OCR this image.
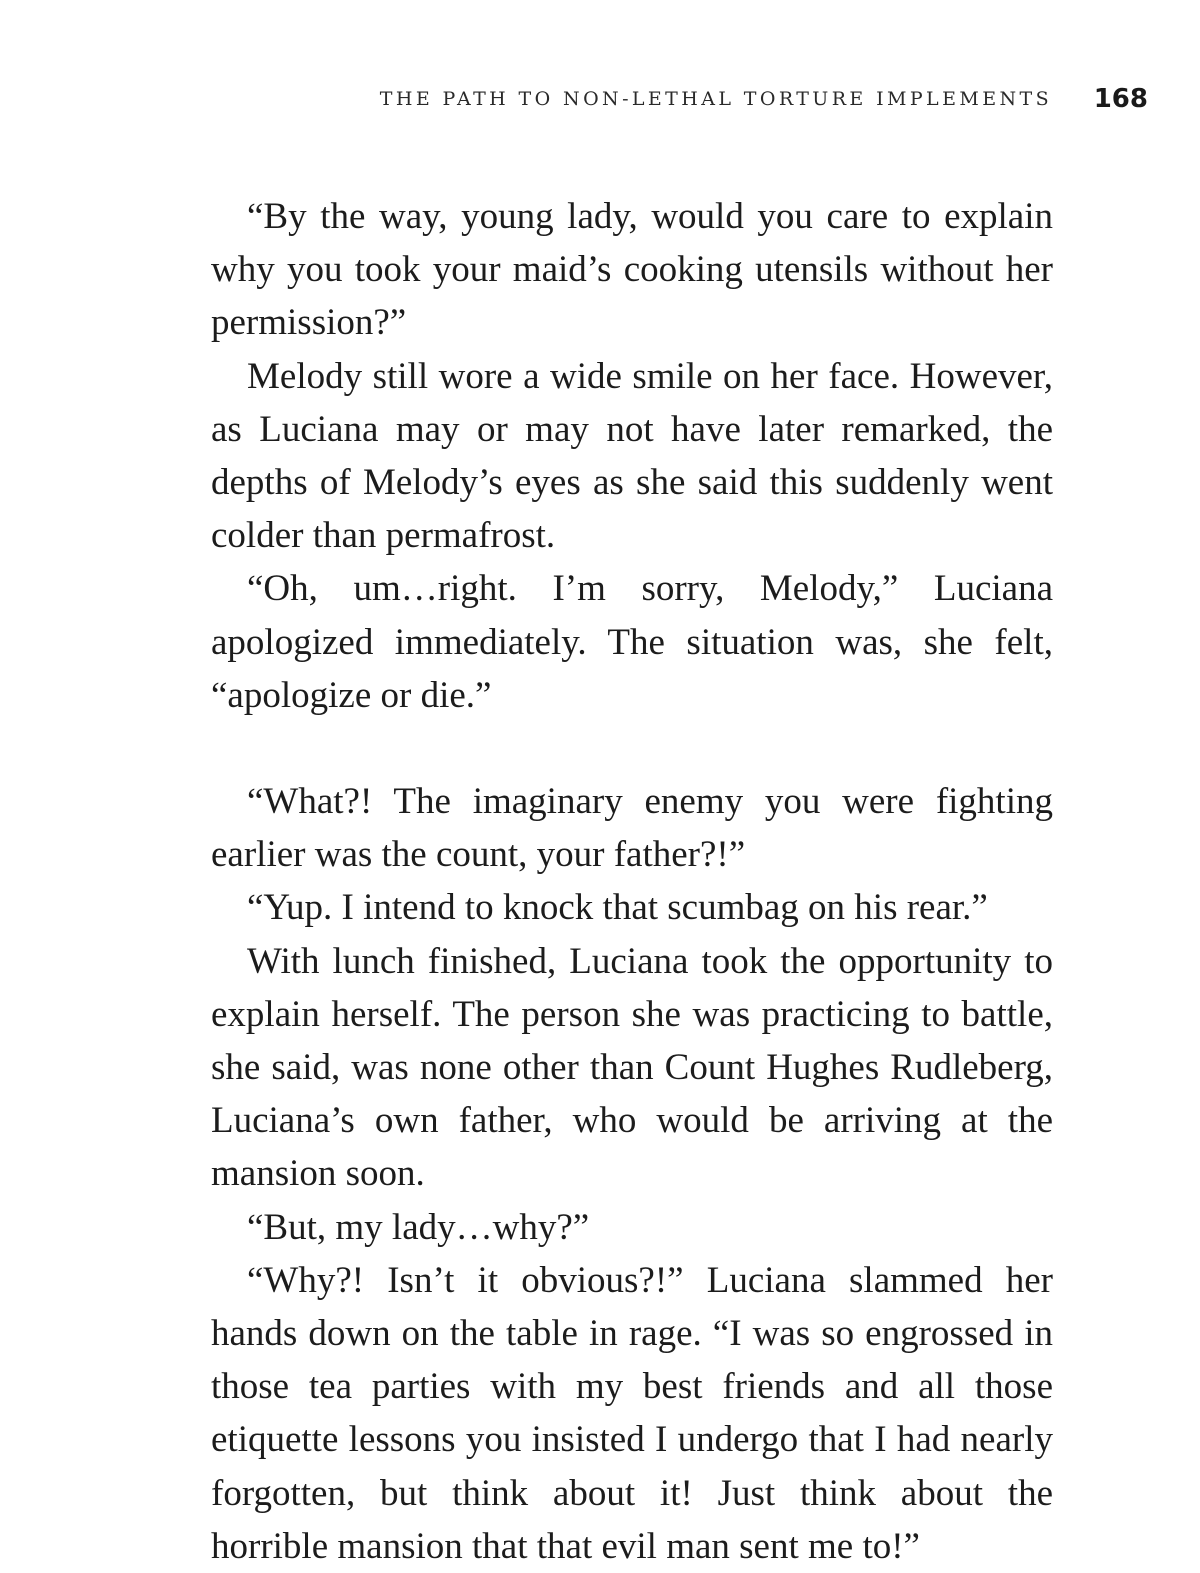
THE PATH TO NON-LETHAL TORTURE IMPLEMENTS 168

“By the way, young lady, would you care to explain why you took your maid’s cooking utensils without her permission?”

Melody still wore a wide smile on her face. However, as Luciana may or may not have later remarked, the depths of Melody’s eyes as she said this suddenly went colder than permafrost.

“Oh, um…right. I’m sorry, Melody,” Luciana apologized immediately. The situation was, she felt, “apologize or die.”

“What?! The imaginary enemy you were fighting earlier was the count, your father?!”

“Yup. I intend to knock that scumbag on his rear.”

With lunch finished, Luciana took the opportunity to explain herself. The person she was practicing to battle, she said, was none other than Count Hughes Rudleberg, Luciana’s own father, who would be arriving at the mansion soon.

“But, my lady…why?”

“Why?! Isn’t it obvious?!” Luciana slammed her hands down on the table in rage. “I was so engrossed in those tea parties with my best friends and all those etiquette lessons you insisted I undergo that I had nearly forgotten, but think about it! Just think about the horrible mansion that that evil man sent me to!”
